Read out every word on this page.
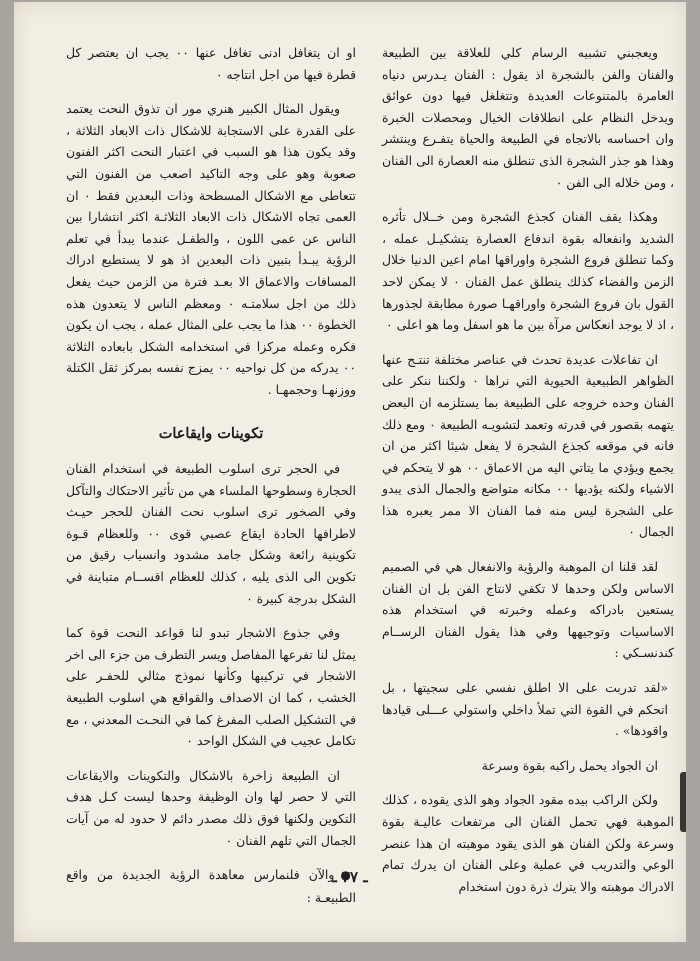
ويعجبني تشبيه الرسام كلي للعلاقة بين الطبيعة والفنان والفن بالشجرة اذ يقول : الفنان يـدرس دنياه العامرة بالمتنوعات العديدة وتتغلغل فيها دون عوائق ويدخل النظام على انطلاقات الخيال ومحصلات الخبرة وان احساسه بالاتجاه في الطبيعة والحياة يتفـرع وينتشر وهذا هو جذر الشجرة الذى تنطلق منه العصارة الى الفنان ، ومن خلاله الى الفن ٠

وهكذا يقف الفنان كجذع الشجرة ومن خــلال تأثره الشديد وانفعاله بقوة اندفاع العصارة يتشكيـل عمله ، وكما تنطلق فروع الشجرة واوراقها امام اعين الدنيا خلال الزمن والفضاء كذلك ينطلق عمل الفنان ٠ لا يمكن لاحد القول بان فروع الشجرة واوراقهـا صورة مطابقة لجذورها ، اذ لا يوجد انعكاس مرآة بين ما هو اسفل وما هو اعلى ٠

ان تفاعلات عديدة تحدث في عناصر مختلفة تنتـج عنها الظواهر الطبيعية الحيوية التي نراها ٠ ولكننا ننكر على الفنان وحده خروجه على الطبيعة بما يستلزمه ان البعض يتهمه بقصور في قدرته وتعمد لتشويـه الطبيعة ٠ ومع ذلك فانه في موقعه كجذع الشجرة لا يفعل شيئا اكثر من ان يجمع ويؤدي ما يتاتي اليه من الاعماق ٠٠ هو لا يتحكم في الاشياء ولكنه يؤديها ٠٠ مكانه متواضع والجمال الذى يبدو على الشجرة ليس منه فما الفنان الا ممر يعبره هذا الجمال ٠

لقد قلنا ان الموهبة والرؤية والانفعال هي في الصميم الاساس ولكن وحدها لا تكفي لانتاج الفن بل ان الفنان يستعين بادراكه وعمله وخبرته في استخدام هذه الاساسيات وتوجيهها وفي هذا يقول الفنان الرســام كندنسـكي :

«لقد تدربت على الا اطلق نفسي على سجيتها ، بل اتحكم في القوة التي تملأ داخلي واستولي عـــلى قيادها واقودها» .

ان الجواد يحمل راكبه بقوة وسرعة

ولكن الراكب بيده مقود الجواد وهو الذى يقوده ، كذلك الموهبة فهي تحمل الفنان الى مرتفعات عاليـة بقوة وسرعة ولكن الفنان هو الذى يقود موهبته ان هذا عنصر الوعي والتدريب في عملية وعلى الفنان ان يدرك تمام الادراك موهبته والا يترك ذرة دون استخدام

او ان يتغافل ادنى تغافل عنها ٠٠ يجب ان يعتصر كل قطرة فيها من اجل انتاجه ٠

ويقول المثال الكبير هنري مور ان تذوق النحت يعتمد على القدرة على الاستجابة للاشكال ذات الابعاد الثلاثة ، وقد يكون هذا هو السبب في اعتبار النحت اكثر الفنون صعوبة وهو على وجه التاكيد اصعب من الفنون التي تتعاطى مع الاشكال المسطحة وذات البعدين فقط ٠ ان العمى تجاه الاشكال ذات الابعاد الثلاثـة اكثر انتشارا بين الناس عن عمى اللون ، والطفـل عندما يبدأ في تعلم الرؤية يبـدأ بتبين ذات البعدين اذ هو لا يستطيع ادراك المسافات والاعماق الا بعـد فترة من الزمن حيث يفعل ذلك من اجل سلامتـه ٠ ومعظم الناس لا يتعدون هذه الخطوة ٠٠ هذا ما يجب على المثال عمله ، يجب ان يكون فكره وعمله مركزا في استخدامه الشكل بابعاده الثلاثة ٠٠ يدركه من كل نواحيه ٠٠ يمزج نفسه بمركز ثقل الكتلة ووزنهـا وحجمهـا .

تكوينات وايقاعات

في الحجر ترى اسلوب الطبيعة في استخدام الفنان الحجارة وسطوحها الملساء هي من تأثير الاحتكاك والتآكل وفي الصخور ترى اسلوب نحت الفنان للحجر حيـث لاطرافها الحادة ايقاع عصبي قوى ٠٠ وللعظام قـوة تكوينية رائعة وشكل جامد مشدود وانسياب رقيق من تكوين الى الذى يليه ، كذلك للعظام اقســام متباينة في الشكل بدرجة كبيرة ٠

وفي جذوع الاشجار تبدو لنا قواعد النحت قوة كما يمثل لنا تفرعها المفاصل ويسر التطرف من جزء الى اخر الاشجار في تركيبها وكأنها نموذج مثالي للحفـر على الخشب ، كما ان الاصداف والقواقع هي اسلوب الطبيعة في التشكيل الصلب المفرغ كما في النحـت المعدني ، مع تكامل عجيب في الشكل الواحد ٠

ان الطبيعة زاخرة بالاشكال والتكوينات والايقاعات التي لا حصر لها وان الوظيفة وحدها ليست كـل هدف التكوين ولكنها فوق ذلك مصدر دائم لا حدود له من آيات الجمال التي تلهم الفنان ٠

● والآن فلنمارس معاهدة الرؤية الجديدة من واقع الطبيعـة :

ـ ٢٧ ـ
